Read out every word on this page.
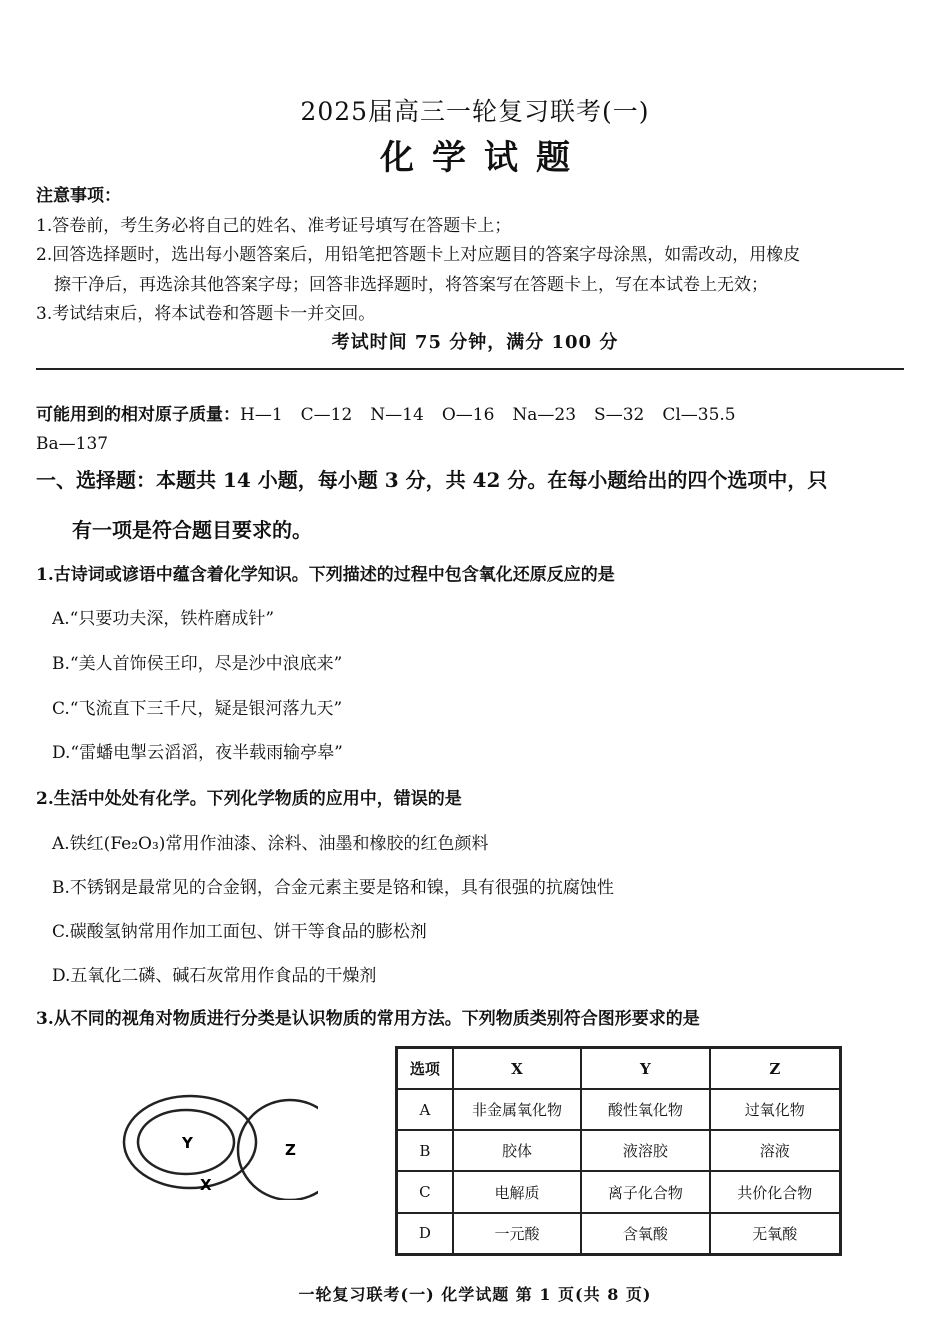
2025届高三一轮复习联考(一)
化学试题
注意事项：
1.答卷前，考生务必将自己的姓名、准考证号填写在答题卡上；
2.回答选择题时，选出每小题答案后，用铅笔把答题卡上对应题目的答案字母涂黑，如需改动，用橡皮
擦干净后，再选涂其他答案字母；回答非选择题时，将答案写在答题卡上，写在本试卷上无效；
3.考试结束后，将本试卷和答题卡一并交回。
考试时间 75 分钟，满分 100 分
可能用到的相对原子质量：H—1 C—12 N—14 O—16 Na—23 S—32 Cl—35.5
Ba—137
一、选择题：本题共 14 小题，每小题 3 分，共 42 分。在每小题给出的四个选项中，只
有一项是符合题目要求的。
1.古诗词或谚语中蕴含着化学知识。下列描述的过程中包含氧化还原反应的是
A.“只要功夫深，铁杵磨成针”
B.“美人首饰侯王印，尽是沙中浪底来”
C.“飞流直下三千尺，疑是银河落九天”
D.“雷蟠电掣云滔滔，夜半载雨输亭皋”
2.生活中处处有化学。下列化学物质的应用中，错误的是
A.铁红(Fe₂O₃)常用作油漆、涂料、油墨和橡胶的红色颜料
B.不锈钢是最常见的合金钢，合金元素主要是铬和镍，具有很强的抗腐蚀性
C.碳酸氢钠常用作加工面包、饼干等食品的膨松剂
D.五氧化二磷、碱石灰常用作食品的干燥剂
3.从不同的视角对物质进行分类是认识物质的常用方法。下列物质类别符合图形要求的是
Y
X
Z
选项	X	Y	Z
A	非金属氧化物	酸性氧化物	过氧化物
B	胶体	液溶胶	溶液
C	电解质	离子化合物	共价化合物
D	一元酸	含氧酸	无氧酸
一轮复习联考(一) 化学试题 第 1 页(共 8 页)
